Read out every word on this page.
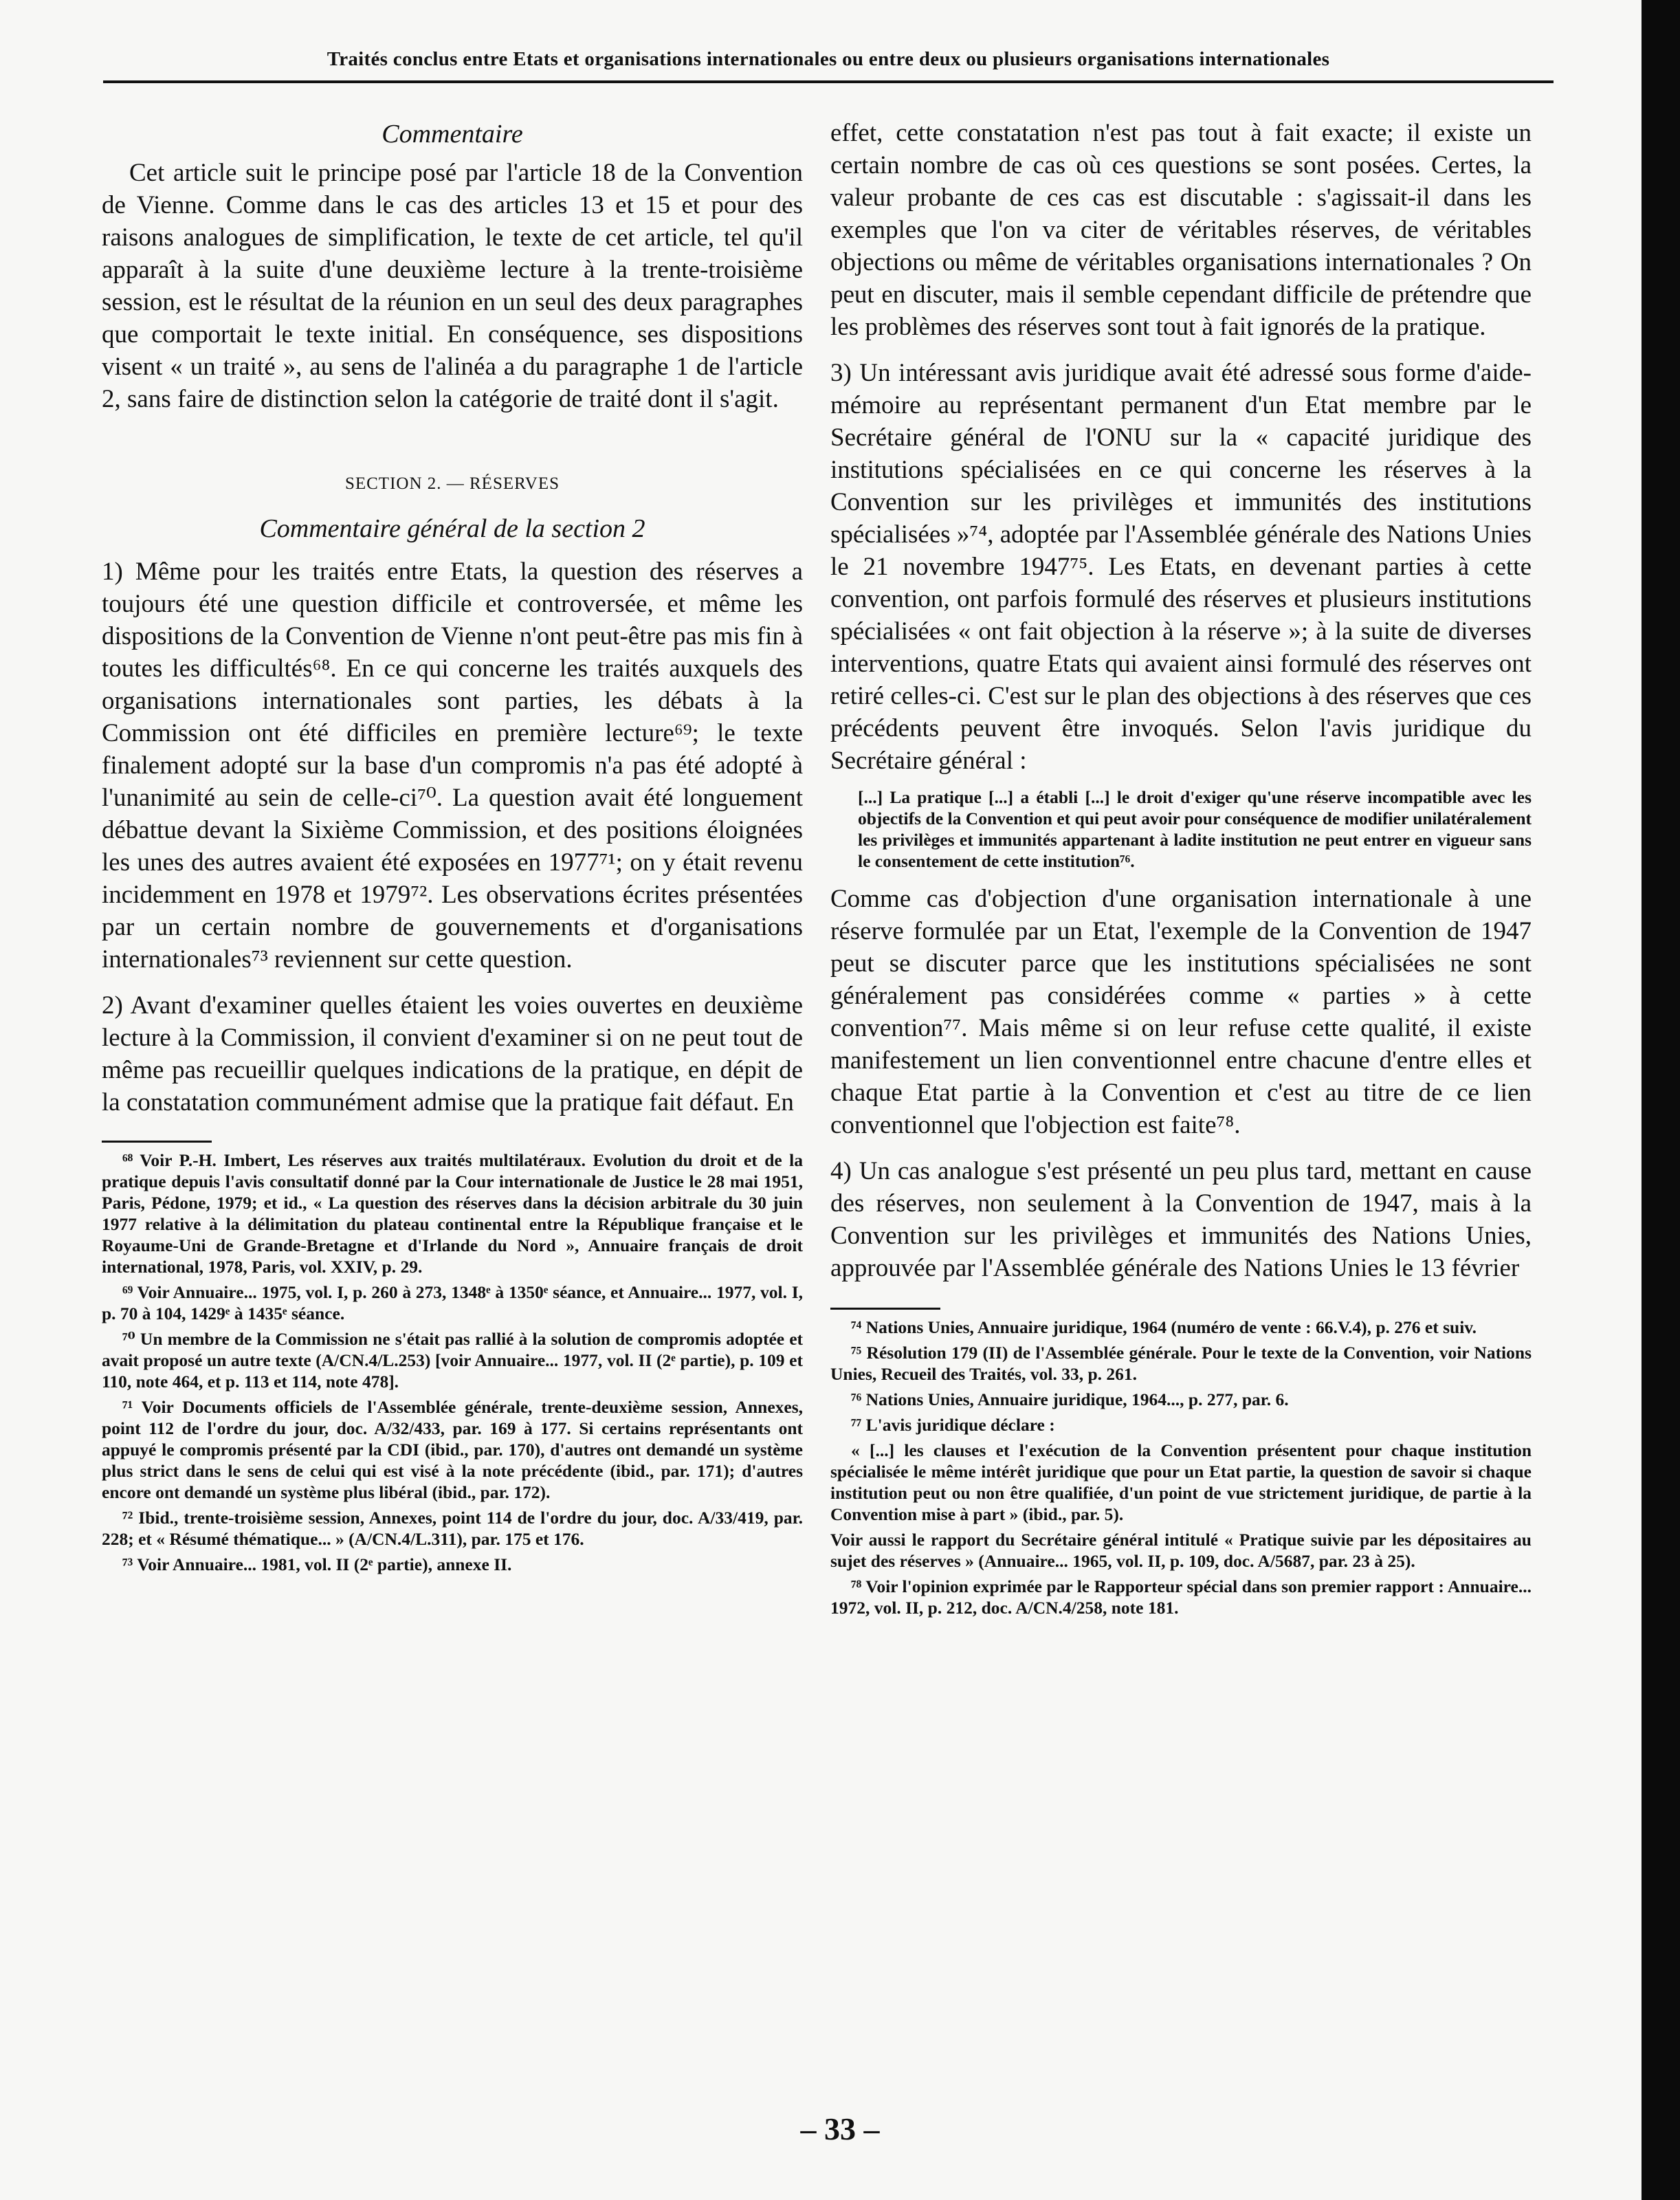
Traités conclus entre Etats et organisations internationales ou entre deux ou plusieurs organisations internationales

Commentaire

Cet article suit le principe posé par l'article 18 de la Convention de Vienne. Comme dans le cas des articles 13 et 15 et pour des raisons analogues de simplification, le texte de cet article, tel qu'il apparaît à la suite d'une deuxième lecture à la trente-troisième session, est le résultat de la réunion en un seul des deux paragraphes que comportait le texte initial. En conséquence, ses dispositions visent « un traité », au sens de l'alinéa a du paragraphe 1 de l'article 2, sans faire de distinction selon la catégorie de traité dont il s'agit.

SECTION 2. — RÉSERVES

Commentaire général de la section 2

1) Même pour les traités entre Etats, la question des réserves a toujours été une question difficile et controversée, et même les dispositions de la Convention de Vienne n'ont peut-être pas mis fin à toutes les difficultés⁶⁸. En ce qui concerne les traités auxquels des organisations internationales sont parties, les débats à la Commission ont été difficiles en première lecture⁶⁹; le texte finalement adopté sur la base d'un compromis n'a pas été adopté à l'unanimité au sein de celle-ci⁷⁰. La question avait été longuement débattue devant la Sixième Commission, et des positions éloignées les unes des autres avaient été exposées en 1977⁷¹; on y était revenu incidemment en 1978 et 1979⁷². Les observations écrites présentées par un certain nombre de gouvernements et d'organisations internationales⁷³ reviennent sur cette question.

2) Avant d'examiner quelles étaient les voies ouvertes en deuxième lecture à la Commission, il convient d'examiner si on ne peut tout de même pas recueillir quelques indications de la pratique, en dépit de la constatation communément admise que la pratique fait défaut. En

⁶⁸ Voir P.-H. Imbert, Les réserves aux traités multilatéraux. Evolution du droit et de la pratique depuis l'avis consultatif donné par la Cour internationale de Justice le 28 mai 1951, Paris, Pédone, 1979; et id., « La question des réserves dans la décision arbitrale du 30 juin 1977 relative à la délimitation du plateau continental entre la République française et le Royaume-Uni de Grande-Bretagne et d'Irlande du Nord », Annuaire français de droit international, 1978, Paris, vol. XXIV, p. 29.

⁶⁹ Voir Annuaire... 1975, vol. I, p. 260 à 273, 1348ᵉ à 1350ᵉ séance, et Annuaire... 1977, vol. I, p. 70 à 104, 1429ᵉ à 1435ᵉ séance.

⁷⁰ Un membre de la Commission ne s'était pas rallié à la solution de compromis adoptée et avait proposé un autre texte (A/CN.4/L.253) [voir Annuaire... 1977, vol. II (2ᵉ partie), p. 109 et 110, note 464, et p. 113 et 114, note 478].

⁷¹ Voir Documents officiels de l'Assemblée générale, trente-deuxième session, Annexes, point 112 de l'ordre du jour, doc. A/32/433, par. 169 à 177. Si certains représentants ont appuyé le compromis présenté par la CDI (ibid., par. 170), d'autres ont demandé un système plus strict dans le sens de celui qui est visé à la note précédente (ibid., par. 171); d'autres encore ont demandé un système plus libéral (ibid., par. 172).

⁷² Ibid., trente-troisième session, Annexes, point 114 de l'ordre du jour, doc. A/33/419, par. 228; et « Résumé thématique... » (A/CN.4/L.311), par. 175 et 176.

⁷³ Voir Annuaire... 1981, vol. II (2ᵉ partie), annexe II.

effet, cette constatation n'est pas tout à fait exacte; il existe un certain nombre de cas où ces questions se sont posées. Certes, la valeur probante de ces cas est discutable : s'agissait-il dans les exemples que l'on va citer de véritables réserves, de véritables objections ou même de véritables organisations internationales ? On peut en discuter, mais il semble cependant difficile de prétendre que les problèmes des réserves sont tout à fait ignorés de la pratique.

3) Un intéressant avis juridique avait été adressé sous forme d'aide-mémoire au représentant permanent d'un Etat membre par le Secrétaire général de l'ONU sur la « capacité juridique des institutions spécialisées en ce qui concerne les réserves à la Convention sur les privilèges et immunités des institutions spécialisées »⁷⁴, adoptée par l'Assemblée générale des Nations Unies le 21 novembre 1947⁷⁵. Les Etats, en devenant parties à cette convention, ont parfois formulé des réserves et plusieurs institutions spécialisées « ont fait objection à la réserve »; à la suite de diverses interventions, quatre Etats qui avaient ainsi formulé des réserves ont retiré celles-ci. C'est sur le plan des objections à des réserves que ces précédents peuvent être invoqués. Selon l'avis juridique du Secrétaire général :

[...] La pratique [...] a établi [...] le droit d'exiger qu'une réserve incompatible avec les objectifs de la Convention et qui peut avoir pour conséquence de modifier unilatéralement les privilèges et immunités appartenant à ladite institution ne peut entrer en vigueur sans le consentement de cette institution⁷⁶.

Comme cas d'objection d'une organisation internationale à une réserve formulée par un Etat, l'exemple de la Convention de 1947 peut se discuter parce que les institutions spécialisées ne sont généralement pas considérées comme « parties » à cette convention⁷⁷. Mais même si on leur refuse cette qualité, il existe manifestement un lien conventionnel entre chacune d'entre elles et chaque Etat partie à la Convention et c'est au titre de ce lien conventionnel que l'objection est faite⁷⁸.

4) Un cas analogue s'est présenté un peu plus tard, mettant en cause des réserves, non seulement à la Convention de 1947, mais à la Convention sur les privilèges et immunités des Nations Unies, approuvée par l'Assemblée générale des Nations Unies le 13 février

⁷⁴ Nations Unies, Annuaire juridique, 1964 (numéro de vente : 66.V.4), p. 276 et suiv.

⁷⁵ Résolution 179 (II) de l'Assemblée générale. Pour le texte de la Convention, voir Nations Unies, Recueil des Traités, vol. 33, p. 261.

⁷⁶ Nations Unies, Annuaire juridique, 1964..., p. 277, par. 6.

⁷⁷ L'avis juridique déclare :

« [...] les clauses et l'exécution de la Convention présentent pour chaque institution spécialisée le même intérêt juridique que pour un Etat partie, la question de savoir si chaque institution peut ou non être qualifiée, d'un point de vue strictement juridique, de partie à la Convention mise à part » (ibid., par. 5).

Voir aussi le rapport du Secrétaire général intitulé « Pratique suivie par les dépositaires au sujet des réserves » (Annuaire... 1965, vol. II, p. 109, doc. A/5687, par. 23 à 25).

⁷⁸ Voir l'opinion exprimée par le Rapporteur spécial dans son premier rapport : Annuaire... 1972, vol. II, p. 212, doc. A/CN.4/258, note 181.

– 33 –
